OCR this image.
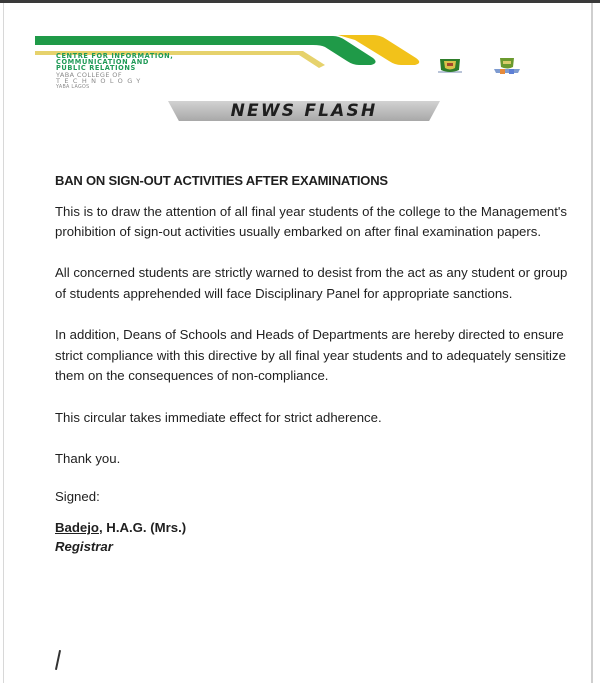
CENTRE FOR INFORMATION,
COMMUNICATION AND
PUBLIC RELATIONS
YABA COLLEGE OF
TECHNOLOGY
YABA LAGOS
NEWS FLASH

BAN ON SIGN-OUT ACTIVITIES AFTER EXAMINATIONS

This is to draw the attention of all final year students of the college to the Management's prohibition of sign-out activities usually embarked on after final examination papers.

All concerned students are strictly warned to desist from the act as any student or group of students apprehended will face Disciplinary Panel for appropriate sanctions.

In addition, Deans of Schools and Heads of Departments are hereby directed to ensure strict compliance with this directive by all final year students and to adequately sensitize them on the consequences of non-compliance.

This circular takes immediate effect for strict adherence.

Thank you.

Signed:

Badejo, H.A.G. (Mrs.)

Registrar
